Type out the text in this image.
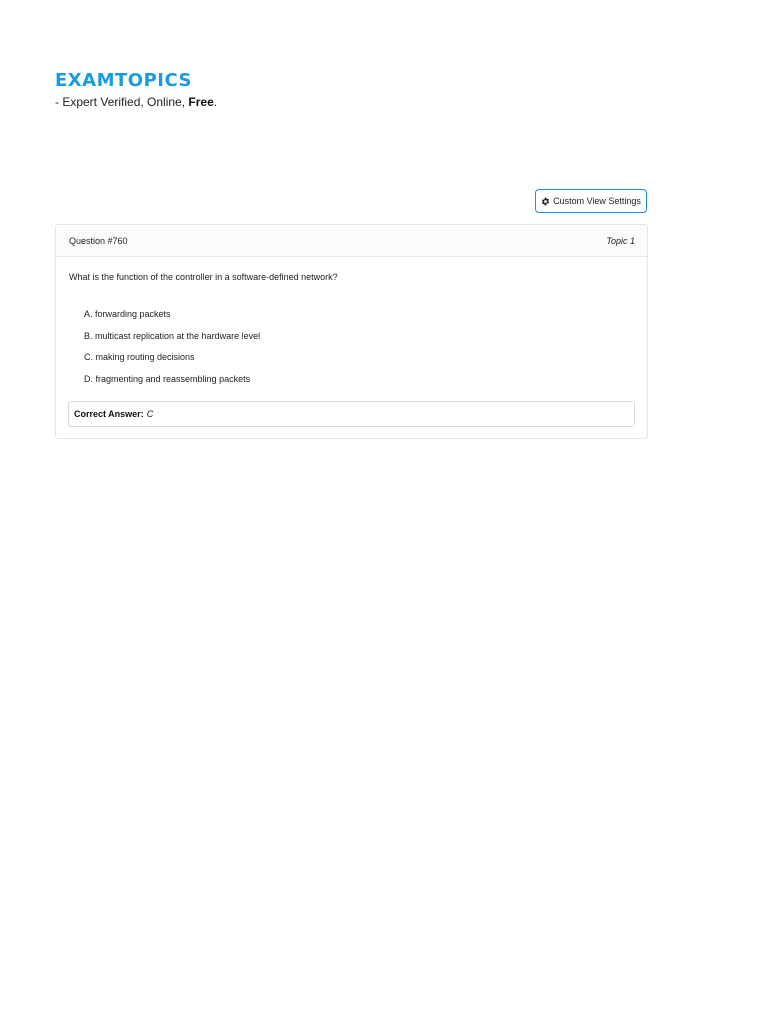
EXAMTOPICS
- Expert Verified, Online, Free.
Custom View Settings
Question #760	Topic 1
What is the function of the controller in a software-defined network?
A. forwarding packets
B. multicast replication at the hardware level
C. making routing decisions
D. fragmenting and reassembling packets
Correct Answer: C
